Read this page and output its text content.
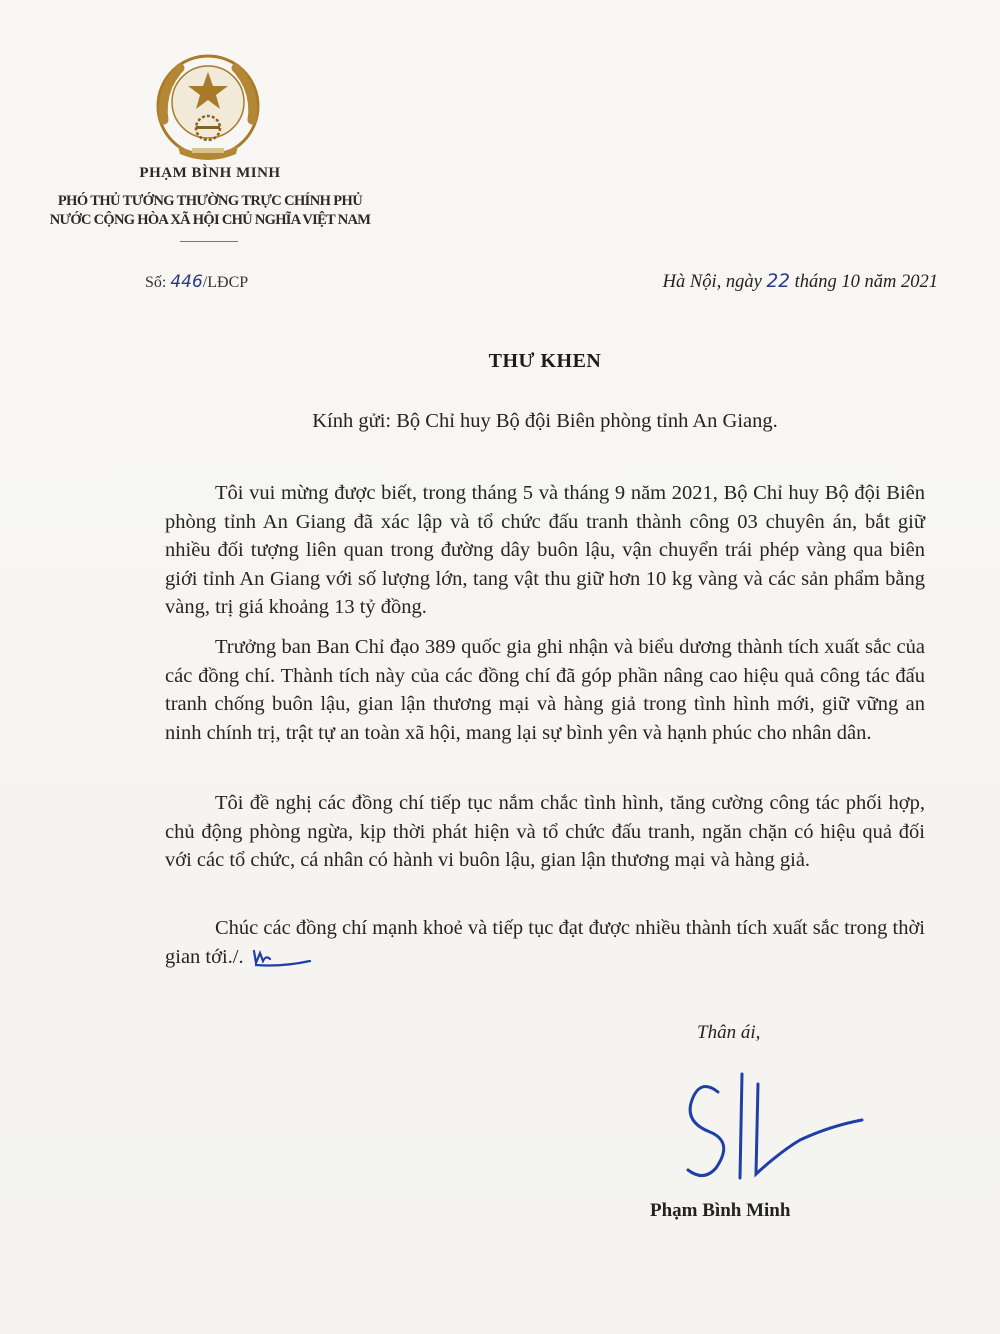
PHẠM BÌNH MINH

PHÓ THỦ TƯỚNG THƯỜNG TRỰC CHÍNH PHỦ

NƯỚC CỘNG HÒA XÃ HỘI CHỦ NGHĨA VIỆT NAM

Số: 446/LĐCP	Hà Nội, ngày 22 tháng 10 năm 2021
THƯ KHEN

Kính gửi: Bộ Chỉ huy Bộ đội Biên phòng tỉnh An Giang.

Tôi vui mừng được biết, trong tháng 5 và tháng 9 năm 2021, Bộ Chỉ huy Bộ đội Biên phòng tỉnh An Giang đã xác lập và tổ chức đấu tranh thành công 03 chuyên án, bắt giữ nhiều đối tượng liên quan trong đường dây buôn lậu, vận chuyển trái phép vàng qua biên giới tỉnh An Giang với số lượng lớn, tang vật thu giữ hơn 10 kg vàng và các sản phẩm bằng vàng, trị giá khoảng 13 tỷ đồng.

Trưởng ban Ban Chỉ đạo 389 quốc gia ghi nhận và biểu dương thành tích xuất sắc của các đồng chí. Thành tích này của các đồng chí đã góp phần nâng cao hiệu quả công tác đấu tranh chống buôn lậu, gian lận thương mại và hàng giả trong tình hình mới, giữ vững an ninh chính trị, trật tự an toàn xã hội, mang lại sự bình yên và hạnh phúc cho nhân dân.

Tôi đề nghị các đồng chí tiếp tục nắm chắc tình hình, tăng cường công tác phối hợp, chủ động phòng ngừa, kịp thời phát hiện và tổ chức đấu tranh, ngăn chặn có hiệu quả đối với các tổ chức, cá nhân có hành vi buôn lậu, gian lận thương mại và hàng giả.

Chúc các đồng chí mạnh khoẻ và tiếp tục đạt được nhiều thành tích xuất sắc trong thời gian tới./.

Thân ái,
Phạm Bình Minh
